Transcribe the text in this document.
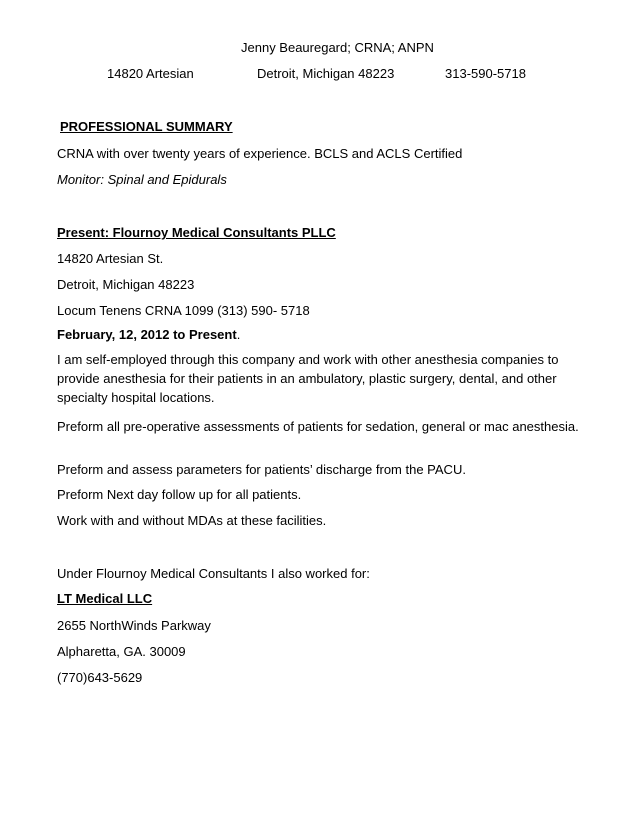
Jenny Beauregard; CRNA; ANPN
14820 Artesian	Detroit, Michigan 48223	313-590-5718
PROFESSIONAL SUMMARY
CRNA with over twenty years of experience. BCLS and ACLS Certified
Monitor: Spinal and Epidurals
Present: Flournoy Medical Consultants PLLC
14820 Artesian St.
Detroit, Michigan 48223
Locum Tenens CRNA 1099 (313) 590- 5718
February, 12, 2012 to Present.
I am self-employed through this company and work with other anesthesia companies to provide anesthesia for their patients in an ambulatory, plastic surgery, dental, and other specialty hospital locations.
Preform all pre-operative assessments of patients for sedation, general or mac anesthesia.
Preform and assess parameters for patients’ discharge from the PACU.
Preform Next day follow up for all patients.
Work with and without MDAs at these facilities.
Under Flournoy Medical Consultants I also worked for:
LT Medical LLC
2655 NorthWinds Parkway
Alpharetta, GA. 30009
(770)643-5629
